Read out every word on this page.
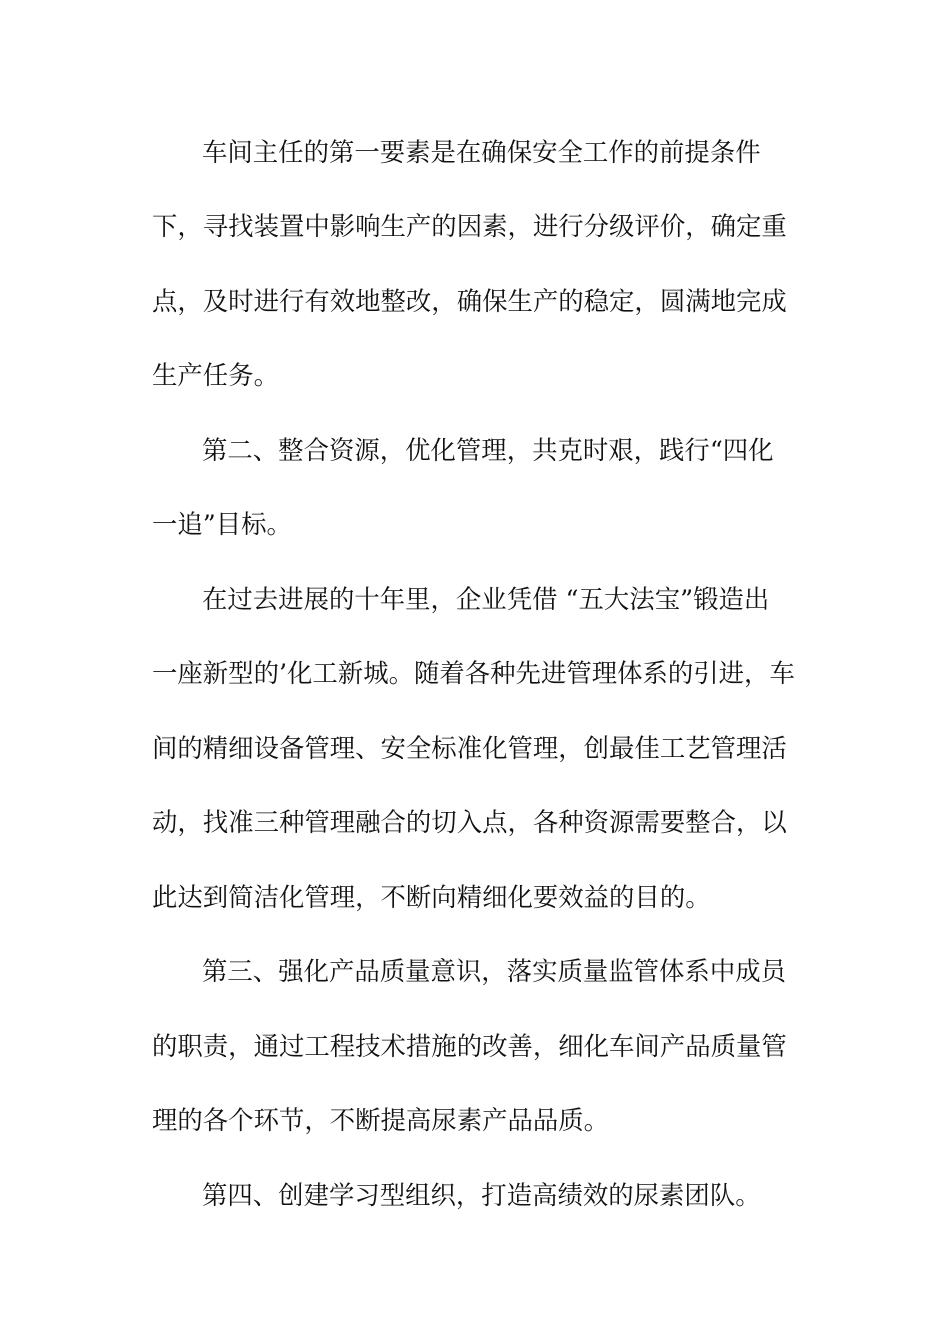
车间主任的第一要素是在确保安全工作的前提条件
下，寻找装置中影响生产的因素，进行分级评价，确定重
点，及时进行有效地整改，确保生产的稳定，圆满地完成
生产任务。
第二、整合资源，优化管理，共克时艰，践行“四化
一追”目标。
在过去进展的十年里，企业凭借 “五大法宝”锻造出
一座新型的’化工新城。随着各种先进管理体系的引进，车
间的精细设备管理、安全标准化管理，创最佳工艺管理活
动，找准三种管理融合的切入点，各种资源需要整合，以
此达到简洁化管理，不断向精细化要效益的目的。
第三、强化产品质量意识，落实质量监管体系中成员
的职责，通过工程技术措施的改善，细化车间产品质量管
理的各个环节，不断提高尿素产品品质。
第四、创建学习型组织，打造高绩效的尿素团队。
